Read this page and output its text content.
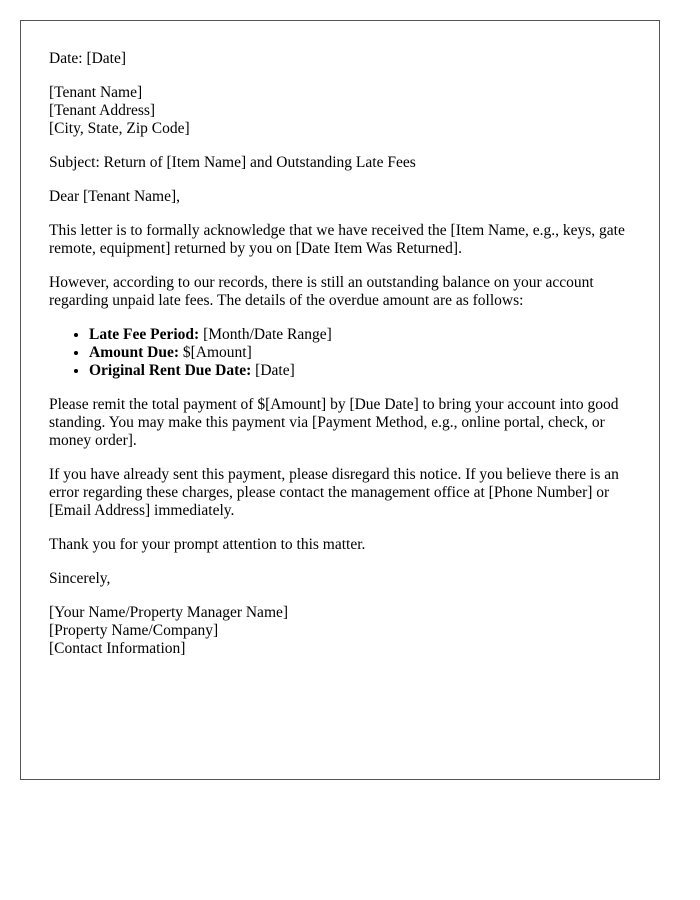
Date: [Date]

[Tenant Name]

[Tenant Address]

[City, State, Zip Code]

Subject: Return of [Item Name] and Outstanding Late Fees

Dear [Tenant Name],

This letter is to formally acknowledge that we have received the [Item Name, e.g., keys, gate remote, equipment] returned by you on [Date Item Was Returned].

However, according to our records, there is still an outstanding balance on your account regarding unpaid late fees. The details of the overdue amount are as follows:

• Late Fee Period: [Month/Date Range]
• Amount Due: $[Amount]
• Original Rent Due Date: [Date]

Please remit the total payment of $[Amount] by [Due Date] to bring your account into good standing. You may make this payment via [Payment Method, e.g., online portal, check, or money order].

If you have already sent this payment, please disregard this notice. If you believe there is an error regarding these charges, please contact the management office at [Phone Number] or [Email Address] immediately.

Thank you for your prompt attention to this matter.

Sincerely,

[Your Name/Property Manager Name]

[Property Name/Company]

[Contact Information]
